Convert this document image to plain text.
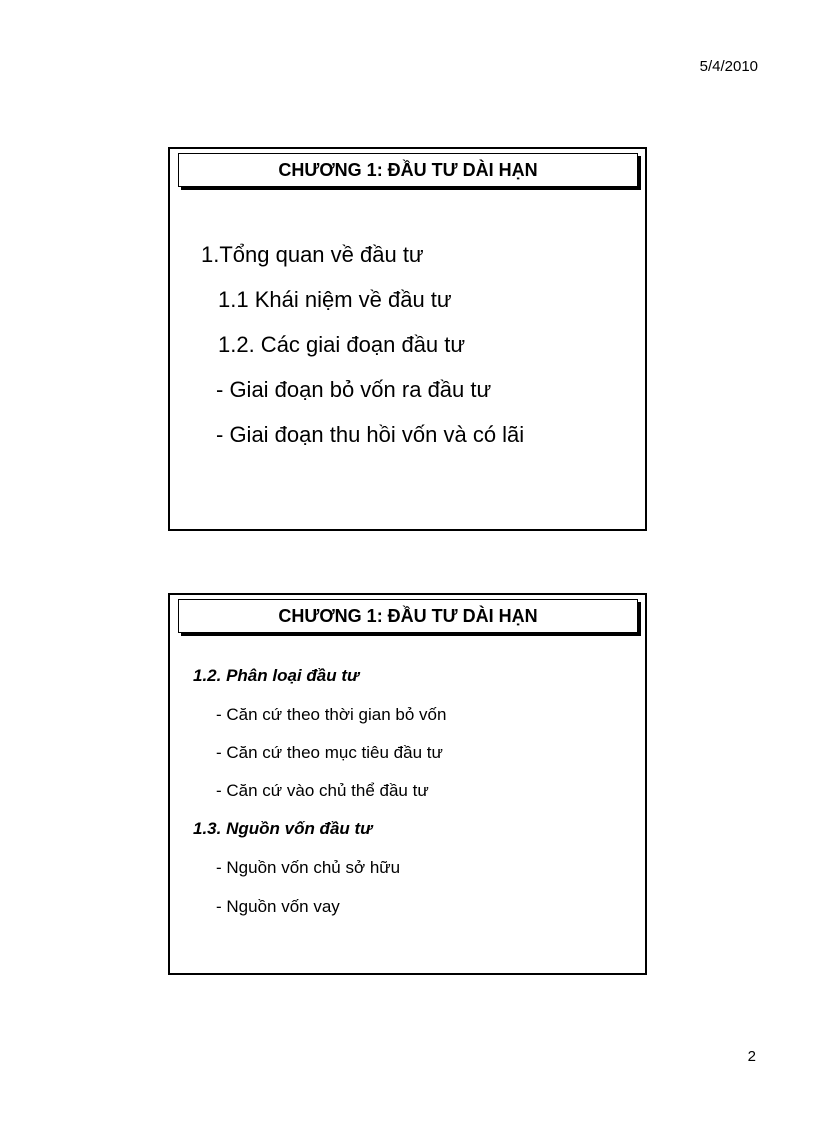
5/4/2010
CHƯƠNG 1: ĐẦU TƯ DÀI HẠN
1.Tổng quan về đầu tư
1.1 Khái niệm về đầu tư
1.2. Các giai đoạn đầu tư
- Giai đoạn bỏ vốn ra đầu tư
- Giai đoạn thu hồi vốn và có lãi
CHƯƠNG 1: ĐẦU TƯ DÀI HẠN
1.2. Phân loại đầu tư
- Căn cứ theo thời gian bỏ vốn
- Căn cứ theo mục tiêu đầu tư
- Căn cứ vào chủ thể đầu tư
1.3. Nguồn vốn đầu tư
- Nguồn vốn chủ sở hữu
- Nguồn vốn vay
2
